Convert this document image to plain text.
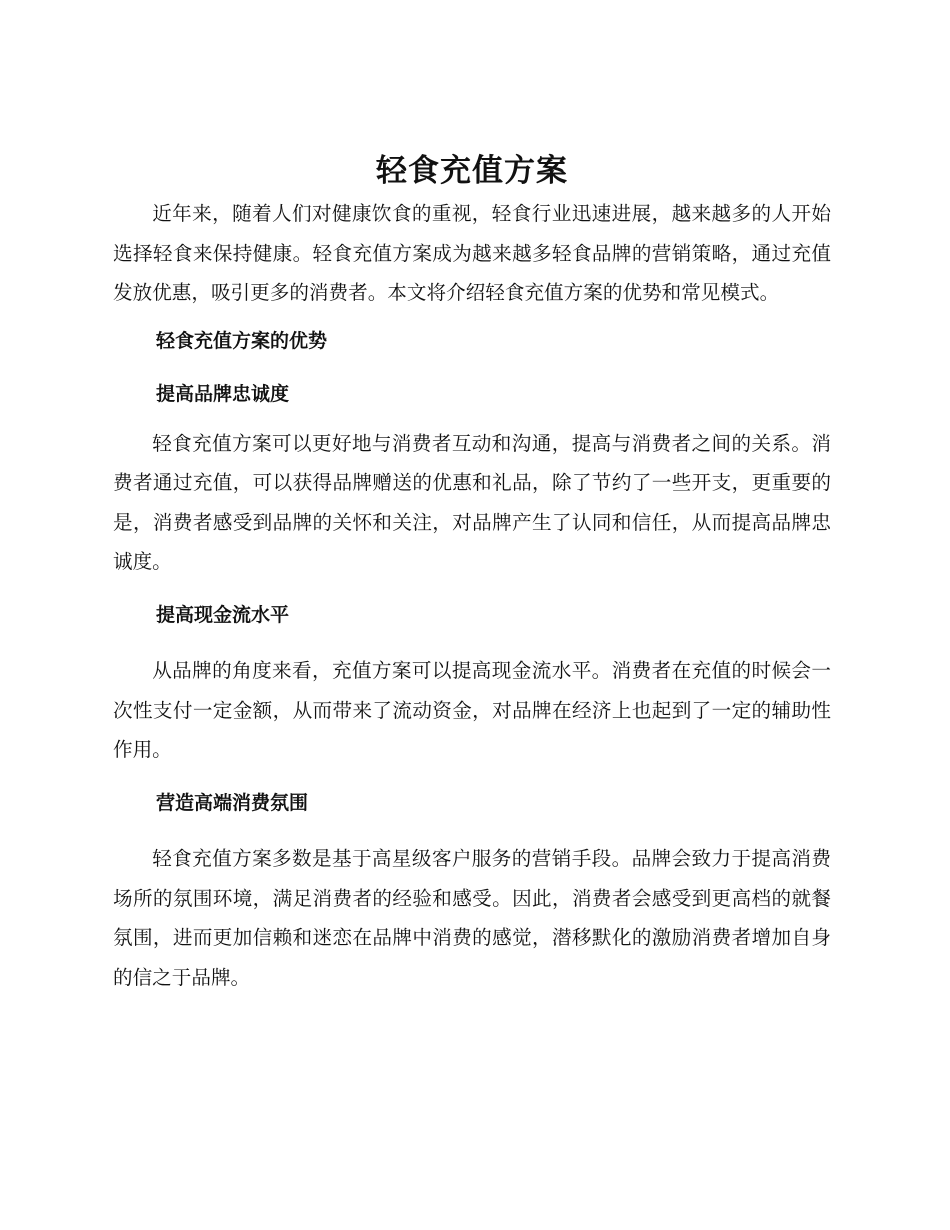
轻食充值方案

近年来，随着人们对健康饮食的重视，轻食行业迅速进展，越来越多的人开始选择轻食来保持健康。轻食充值方案成为越来越多轻食品牌的营销策略，通过充值发放优惠，吸引更多的消费者。本文将介绍轻食充值方案的优势和常见模式。

轻食充值方案的优势
提高品牌忠诚度

轻食充值方案可以更好地与消费者互动和沟通，提高与消费者之间的关系。消费者通过充值，可以获得品牌赠送的优惠和礼品，除了节约了一些开支，更重要的是，消费者感受到品牌的关怀和关注，对品牌产生了认同和信任，从而提高品牌忠诚度。

提高现金流水平

从品牌的角度来看，充值方案可以提高现金流水平。消费者在充值的时候会一次性支付一定金额，从而带来了流动资金，对品牌在经济上也起到了一定的辅助性作用。

营造高端消费氛围

轻食充值方案多数是基于高星级客户服务的营销手段。品牌会致力于提高消费场所的氛围环境，满足消费者的经验和感受。因此，消费者会感受到更高档的就餐氛围，进而更加信赖和迷恋在品牌中消费的感觉，潜移默化的激励消费者增加自身的信之于品牌。
